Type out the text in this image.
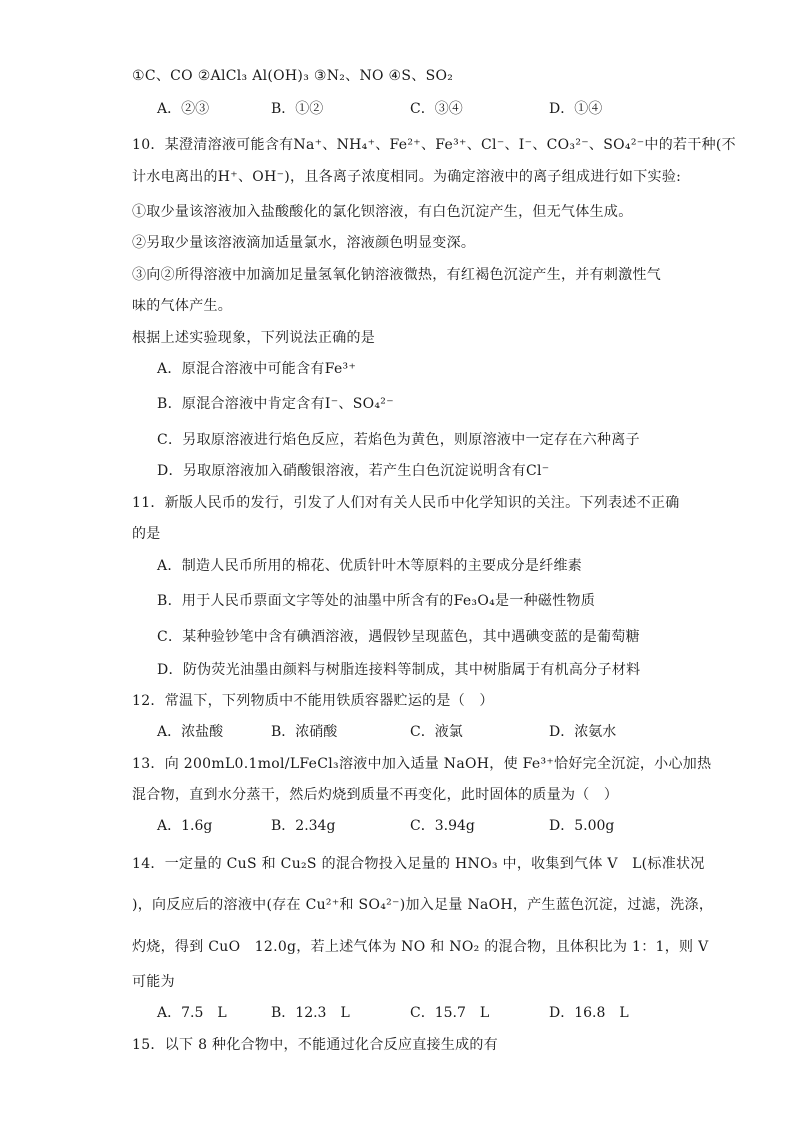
①C、CO ②AlCl₃ Al(OH)₃ ③N₂、NO ④S、SO₂
A．②③	B．①②	C．③④	D．①④
10．某澄清溶液可能含有Na⁺、NH₄⁺、Fe²⁺、Fe³⁺、Cl⁻、I⁻、CO₃²⁻、SO₄²⁻中的若干种(不
计水电离出的H⁺、OH⁻)，且各离子浓度相同。为确定溶液中的离子组成进行如下实验:
①取少量该溶液加入盐酸酸化的氯化钡溶液，有白色沉淀产生，但无气体生成。
②另取少量该溶液滴加适量氯水，溶液颜色明显变深。
③向②所得溶液中加滴加足量氢氧化钠溶液微热，有红褐色沉淀产生，并有刺激性气
味的气体产生。
根据上述实验现象，下列说法正确的是
A．原混合溶液中可能含有Fe³⁺
B．原混合溶液中肯定含有I⁻、SO₄²⁻
C．另取原溶液进行焰色反应，若焰色为黄色，则原溶液中一定存在六种离子
D．另取原溶液加入硝酸银溶液，若产生白色沉淀说明含有Cl⁻
11．新版人民币的发行，引发了人们对有关人民币中化学知识的关注。下列表述不正确
的是
A．制造人民币所用的棉花、优质针叶木等原料的主要成分是纤维素
B．用于人民币票面文字等处的油墨中所含有的Fe₃O₄是一种磁性物质
C．某种验钞笔中含有碘酒溶液，遇假钞呈现蓝色，其中遇碘变蓝的是葡萄糖
D．防伪荧光油墨由颜料与树脂连接料等制成，其中树脂属于有机高分子材料
12．常温下，下列物质中不能用铁质容器贮运的是（　）
A．浓盐酸	B．浓硝酸	C．液氯	D．浓氨水
13．向 200mL0.1mol/LFeCl₃溶液中加入适量 NaOH，使 Fe³⁺恰好完全沉淀，小心加热
混合物，直到水分蒸干，然后灼烧到质量不再变化，此时固体的质量为（　）
A．1.6g	B．2.34g	C．3.94g	D．5.00g
14．一定量的 CuS 和 Cu₂S 的混合物投入足量的 HNO₃ 中，收集到气体 V　L(标准状况
)，向反应后的溶液中(存在 Cu²⁺和 SO₄²⁻)加入足量 NaOH，产生蓝色沉淀，过滤，洗涤，
灼烧，得到 CuO　12.0g，若上述气体为 NO 和 NO₂ 的混合物，且体积比为 1：1，则 V
可能为
A．7.5　L	B．12.3　L	C．15.7　L	D．16.8　L
15．以下 8 种化合物中，不能通过化合反应直接生成的有
